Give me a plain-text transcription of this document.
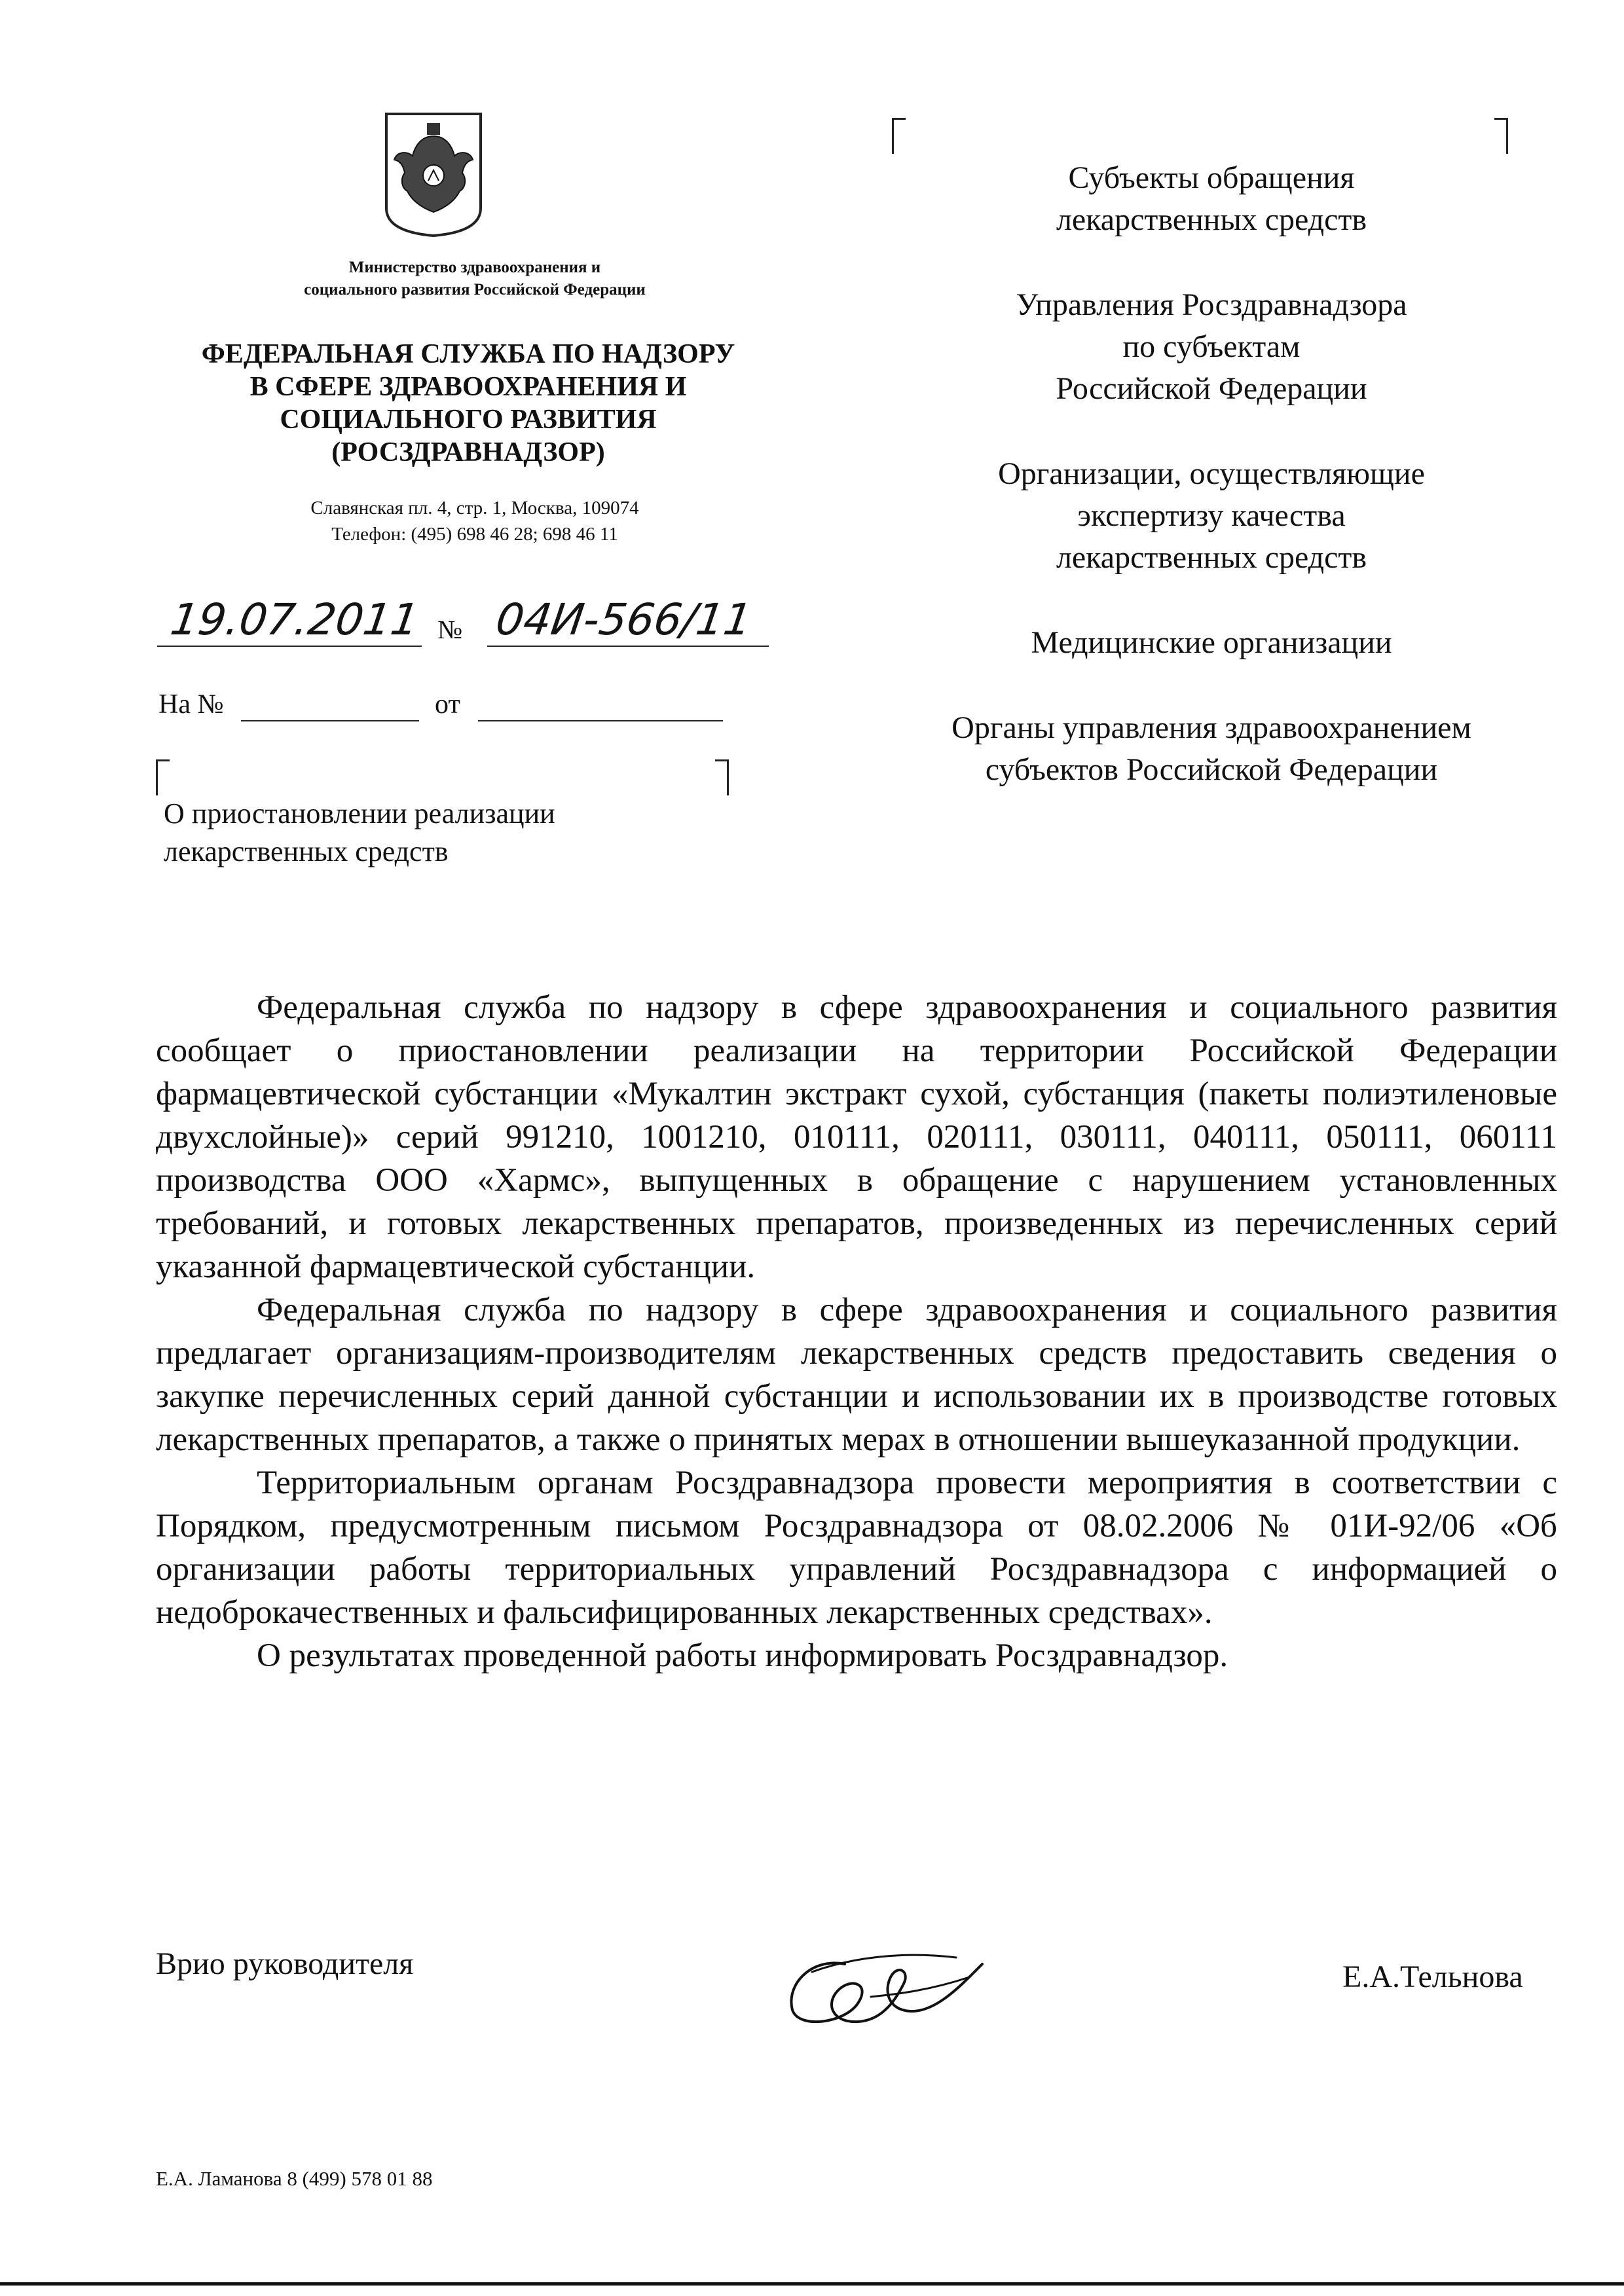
Министерство здравоохранения и
социального развития Российской Федерации
ФЕДЕРАЛЬНАЯ СЛУЖБА ПО НАДЗОРУ
В СФЕРЕ ЗДРАВООХРАНЕНИЯ И
СОЦИАЛЬНОГО РАЗВИТИЯ
(РОСЗДРАВНАДЗОР)
Славянская пл. 4, стр. 1, Москва, 109074
Телефон: (495) 698 46 28; 698 46 11
19.07.2011 № 04И-566/11
На №	от
О приостановлении реализации
лекарственных средств
Субъекты обращения
лекарственных средств
Управления Росздравнадзора
по субъектам
Российской Федерации
Организации, осуществляющие
экспертизу качества
лекарственных средств
Медицинские организации
Органы управления здравоохранением
субъектов Российской Федерации

Федеральная служба по надзору в сфере здравоохранения и социального развития сообщает о приостановлении реализации на территории Российской Федерации фармацевтической субстанции «Мукалтин экстракт сухой, субстанция (пакеты полиэтиленовые двухслойные)» серий 991210, 1001210, 010111, 020111, 030111, 040111, 050111, 060111 производства ООО «Хармс», выпущенных в обращение с нарушением установленных требований, и готовых лекарственных препаратов, произведенных из перечисленных серий указанной фармацевтической субстанции.

Федеральная служба по надзору в сфере здравоохранения и социального развития предлагает организациям-производителям лекарственных средств предоставить сведения о закупке перечисленных серий данной субстанции и использовании их в производстве готовых лекарственных препаратов, а также о принятых мерах в отношении вышеуказанной продукции.

Территориальным органам Росздравнадзора провести мероприятия в соответствии с Порядком, предусмотренным письмом Росздравнадзора от 08.02.2006 № 01И-92/06 «Об организации работы территориальных управлений Росздравнадзора с информацией о недоброкачественных и фальсифицированных лекарственных средствах».

О результатах проведенной работы информировать Росздравнадзор.

Врио руководителя	Е.А.Тельнова
Е.А. Ламанова 8 (499) 578 01 88
